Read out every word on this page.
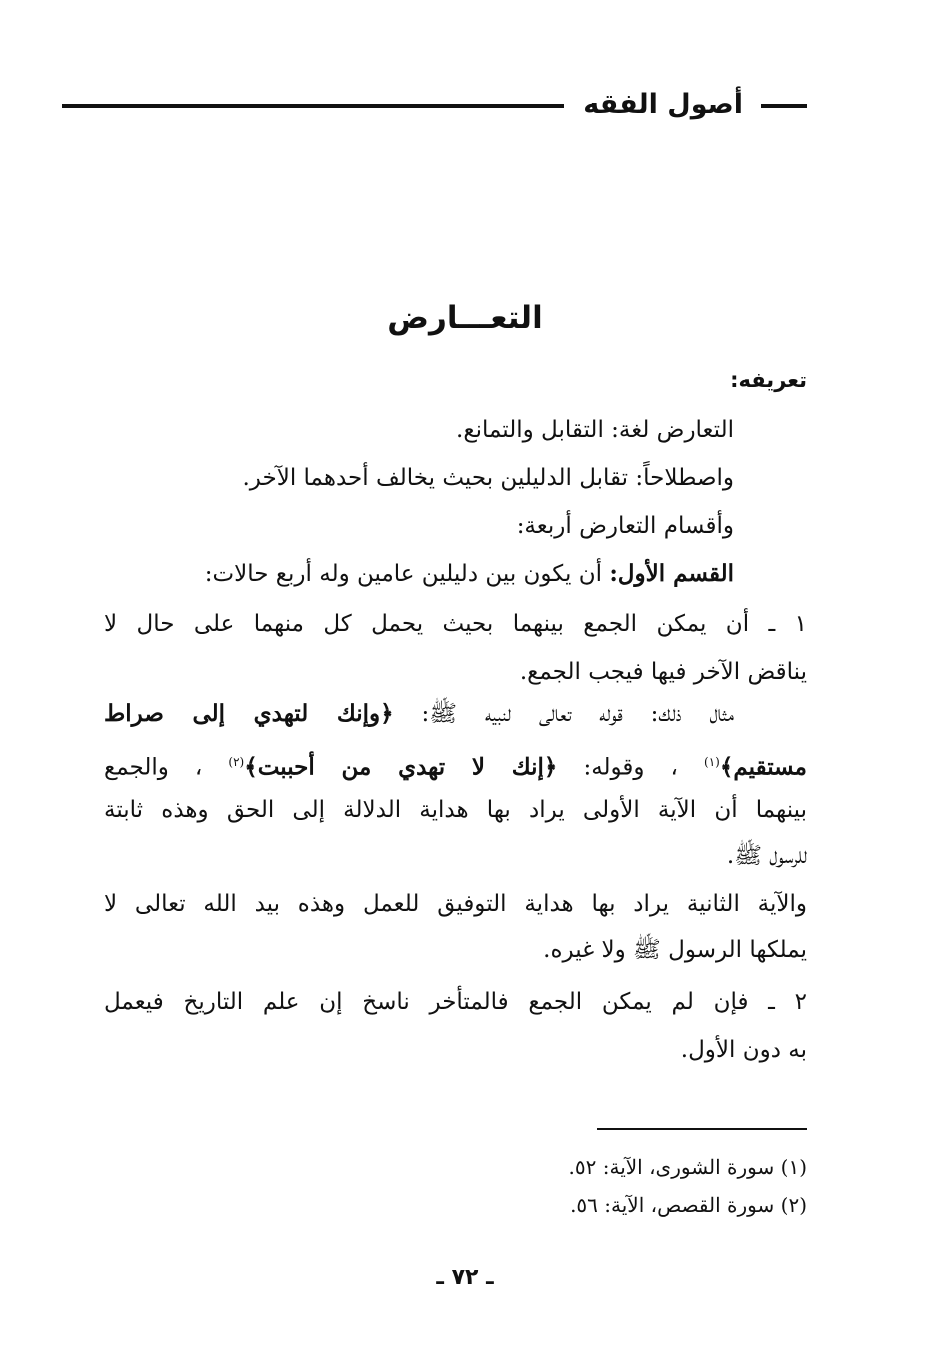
أصول الفقه
التعـــارض
تعريفه:
التعارض لغة: التقابل والتمانع.
واصطلاحاً: تقابل الدليلين بحيث يخالف أحدهما الآخر.
وأقسام التعارض أربعة:
القسم الأول: أن يكون بين دليلين عامين وله أربع حالات:
١ ـ أن يمكن الجمع بينهما بحيث يحمل كل منهما على حال لا
يناقض الآخر فيها فيجب الجمع.
مثال ذلك: قوله تعالى لنبيه ﷺ: ﴿وإنك لتهدي إلى صراط
مستقيم﴾$^{(١)}$ ، وقوله: ﴿إنك لا تهدي من أحببت﴾$^{(٢)}$ ، والجمع
بينهما أن الآية الأولى يراد بها هداية الدلالة إلى الحق وهذه ثابتة
للرسول ﷺ.
والآية الثانية يراد بها هداية التوفيق للعمل وهذه بيد الله تعالى لا
يملكها الرسول ﷺ ولا غيره.
٢ ـ فإن لم يمكن الجمع فالمتأخر ناسخ إن علم التاريخ فيعمل
به دون الأول.
(١) سورة الشورى، الآية: ٥٢.
(٢) سورة القصص، الآية: ٥٦.
ـ ٧٢ ـ
